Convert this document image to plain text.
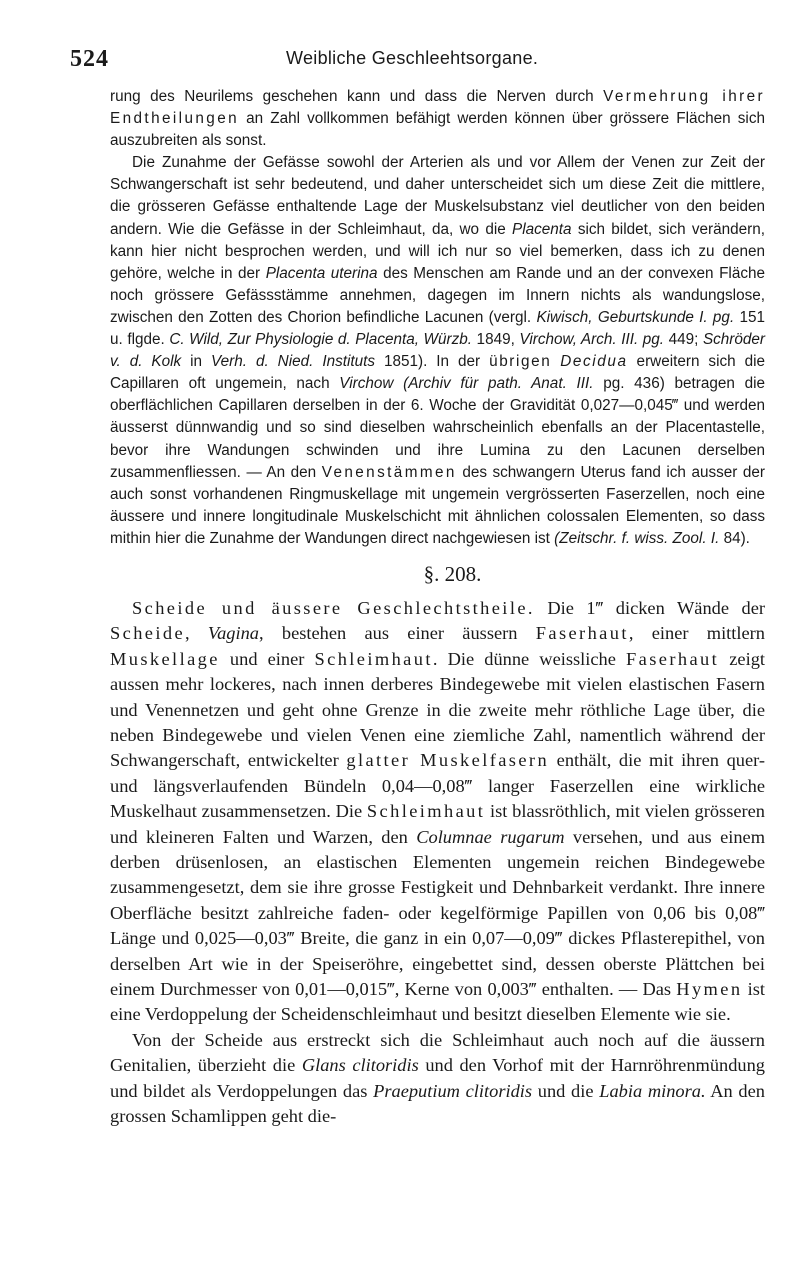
524	Weibliche Geschleehtsorgane.

rung des Neurilems geschehen kann und dass die Nerven durch Vermehrung ihrer Endtheilungen an Zahl vollkommen befähigt werden können über grössere Flächen sich auszubreiten als sonst.

Die Zunahme der Gefässe sowohl der Arterien als und vor Allem der Venen zur Zeit der Schwangerschaft ist sehr bedeutend, und daher unterscheidet sich um diese Zeit die mittlere, die grösseren Gefässe enthaltende Lage der Muskelsubstanz viel deutlicher von den beiden andern. Wie die Gefässe in der Schleimhaut, da, wo die Placenta sich bildet, sich verändern, kann hier nicht besprochen werden, und will ich nur so viel bemerken, dass ich zu denen gehöre, welche in der Placenta uterina des Menschen am Rande und an der convexen Fläche noch grössere Gefässstämme annehmen, dagegen im Innern nichts als wandungslose, zwischen den Zotten des Chorion befindliche Lacunen (vergl. Kiwisch, Geburtskunde I. pg. 151 u. flgde. C. Wild, Zur Physiologie d. Placenta, Würzb. 1849, Virchow, Arch. III. pg. 449; Schröder v. d. Kolk in Verh. d. Nied. Instituts 1851). In der übrigen Decidua erweitern sich die Capillaren oft ungemein, nach Virchow (Archiv für path. Anat. III. pg. 436) betragen die oberflächlichen Capillaren derselben in der 6. Woche der Gravidität 0,027—0,045‴ und werden äusserst dünnwandig und so sind dieselben wahrscheinlich ebenfalls an der Placentastelle, bevor ihre Wandungen schwinden und ihre Lumina zu den Lacunen derselben zusammenfliessen. — An den Venenstämmen des schwangern Uterus fand ich ausser der auch sonst vorhandenen Ringmuskellage mit ungemein vergrösserten Faserzellen, noch eine äussere und innere longitudinale Muskelschicht mit ähnlichen colossalen Elementen, so dass mithin hier die Zunahme der Wandungen direct nachgewiesen ist (Zeitschr. f. wiss. Zool. I. 84).

§. 208.

Scheide und äussere Geschlechtstheile. Die 1‴ dicken Wände der Scheide, Vagina, bestehen aus einer äussern Faserhaut, einer mittlern Muskellage und einer Schleimhaut. Die dünne weissliche Faserhaut zeigt aussen mehr lockeres, nach innen derberes Bindegewebe mit vielen elastischen Fasern und Venennetzen und geht ohne Grenze in die zweite mehr röthliche Lage über, die neben Bindegewebe und vielen Venen eine ziemliche Zahl, namentlich während der Schwangerschaft, entwickelter glatter Muskelfasern enthält, die mit ihren quer- und längsverlaufenden Bündeln 0,04—0,08‴ langer Faserzellen eine wirkliche Muskelhaut zusammensetzen. Die Schleimhaut ist blassröthlich, mit vielen grösseren und kleineren Falten und Warzen, den Columnae rugarum versehen, und aus einem derben drüsenlosen, an elastischen Elementen ungemein reichen Bindegewebe zusammengesetzt, dem sie ihre grosse Festigkeit und Dehnbarkeit verdankt. Ihre innere Oberfläche besitzt zahlreiche faden- oder kegelförmige Papillen von 0,06 bis 0,08‴ Länge und 0,025—0,03‴ Breite, die ganz in ein 0,07—0,09‴ dickes Pflasterepithel, von derselben Art wie in der Speiseröhre, eingebettet sind, dessen oberste Plättchen bei einem Durchmesser von 0,01—0,015‴, Kerne von 0,003‴ enthalten. — Das Hymen ist eine Verdoppelung der Scheidenschleimhaut und besitzt dieselben Elemente wie sie.

Von der Scheide aus erstreckt sich die Schleimhaut auch noch auf die äussern Genitalien, überzieht die Glans clitoridis und den Vorhof mit der Harnröhrenmündung und bildet als Verdoppelungen das Praeputium clitoridis und die Labia minora. An den grossen Schamlippen geht die-
